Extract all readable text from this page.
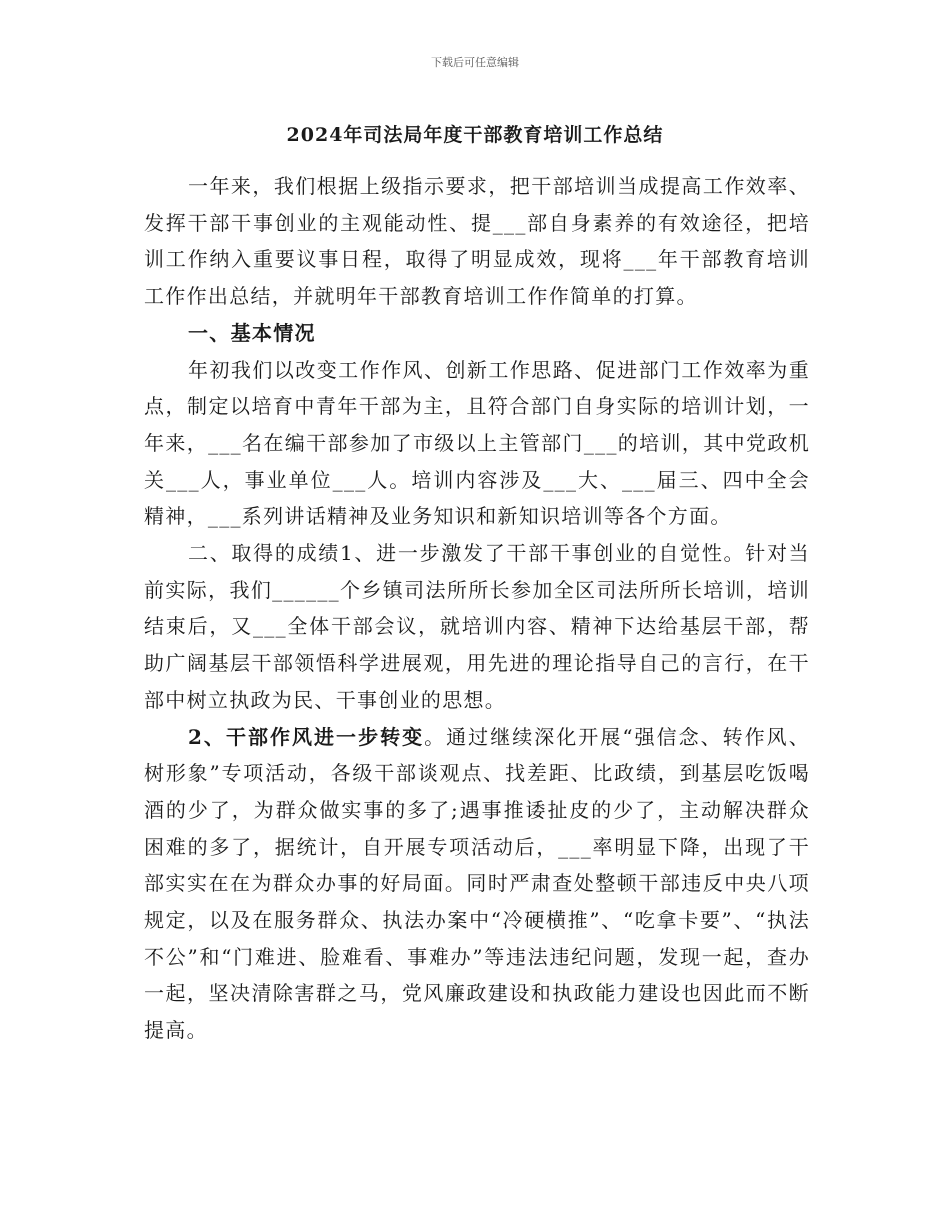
下载后可任意编辑
2024年司法局年度干部教育培训工作总结

一年来，我们根据上级指示要求，把干部培训当成提高工作效率、发挥干部干事创业的主观能动性、提___部自身素养的有效途径，把培训工作纳入重要议事日程，取得了明显成效，现将___年干部教育培训工作作出总结，并就明年干部教育培训工作作简单的打算。

一、基本情况

年初我们以改变工作作风、创新工作思路、促进部门工作效率为重点，制定以培育中青年干部为主，且符合部门自身实际的培训计划，一年来，___名在编干部参加了市级以上主管部门___的培训，其中党政机关___人，事业单位___人。培训内容涉及___大、___届三、四中全会精神，___系列讲话精神及业务知识和新知识培训等各个方面。

二、取得的成绩1、进一步激发了干部干事创业的自觉性。针对当前实际，我们______个乡镇司法所所长参加全区司法所所长培训，培训结束后，又___全体干部会议，就培训内容、精神下达给基层干部，帮助广阔基层干部领悟科学进展观，用先进的理论指导自己的言行，在干部中树立执政为民、干事创业的思想。

2、干部作风进一步转变。通过继续深化开展“强信念、转作风、树形象”专项活动，各级干部谈观点、找差距、比政绩，到基层吃饭喝酒的少了，为群众做实事的多了;遇事推诿扯皮的少了，主动解决群众困难的多了，据统计，自开展专项活动后，___率明显下降，出现了干部实实在在为群众办事的好局面。同时严肃查处整顿干部违反中央八项规定，以及在服务群众、执法办案中“冷硬横推”、“吃拿卡要”、“执法不公”和“门难进、脸难看、事难办”等违法违纪问题，发现一起，查办一起，坚决清除害群之马，党风廉政建设和执政能力建设也因此而不断提高。
